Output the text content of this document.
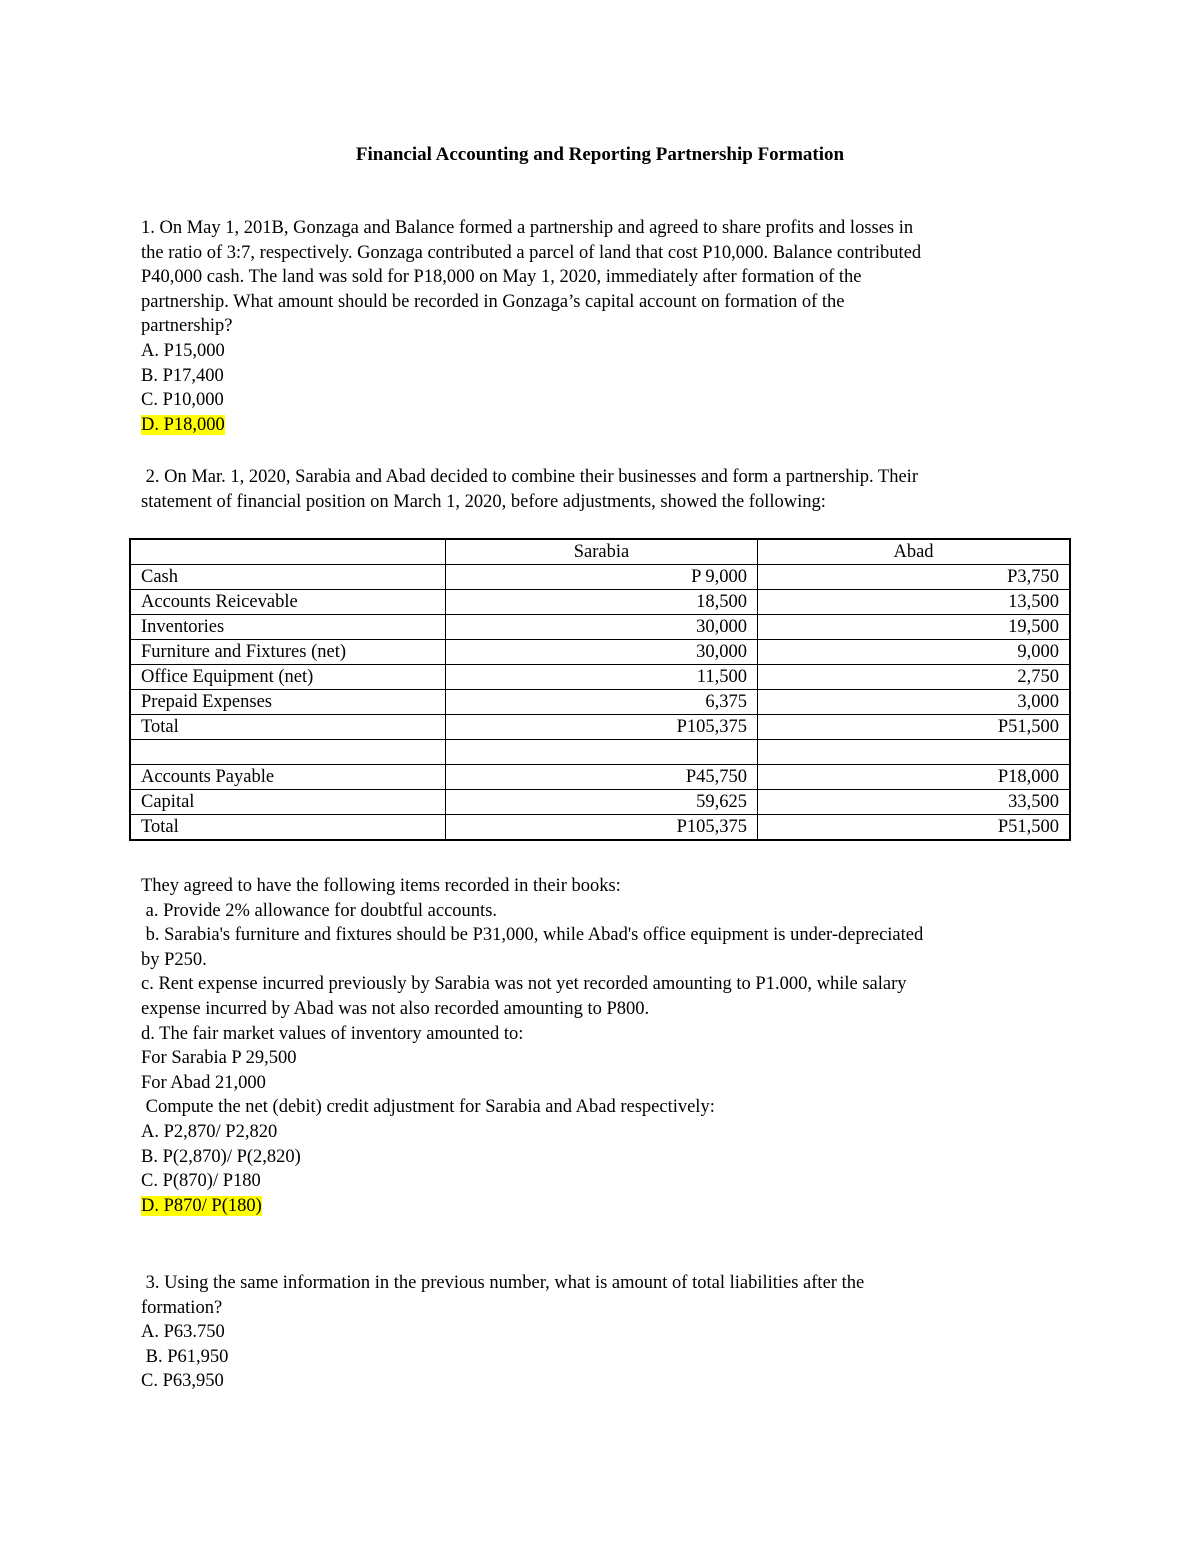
Financial Accounting and Reporting Partnership Formation
1. On May 1, 201B, Gonzaga and Balance formed a partnership and agreed to share profits and losses in
the ratio of 3:7, respectively. Gonzaga contributed a parcel of land that cost P10,000. Balance contributed
P40,000 cash. The land was sold for P18,000 on May 1, 2020, immediately after formation of the
partnership. What amount should be recorded in Gonzaga’s capital account on formation of the
partnership?
A. P15,000
B. P17,400
C. P10,000
D. P18,000
2. On Mar. 1, 2020, Sarabia and Abad decided to combine their businesses and form a partnership. Their
statement of financial position on March 1, 2020, before adjustments, showed the following:
	Sarabia	Abad
Cash	P 9,000	P3,750
Accounts Reicevable	18,500	13,500
Inventories	30,000	19,500
Furniture and Fixtures (net)	30,000	9,000
Office Equipment (net)	11,500	2,750
Prepaid Expenses	6,375	3,000
Total	P105,375	P51,500

Accounts Payable	P45,750	P18,000
Capital	59,625	33,500
Total	P105,375	P51,500
They agreed to have the following items recorded in their books:
a. Provide 2% allowance for doubtful accounts.
b. Sarabia's furniture and fixtures should be P31,000, while Abad's office equipment is under-depreciated
by P250.
c. Rent expense incurred previously by Sarabia was not yet recorded amounting to P1.000, while salary
expense incurred by Abad was not also recorded amounting to P800.
d. The fair market values of inventory amounted to:
For Sarabia P 29,500
For Abad 21,000
Compute the net (debit) credit adjustment for Sarabia and Abad respectively:
A. P2,870/ P2,820
B. P(2,870)/ P(2,820)
C. P(870)/ P180
D. P870/ P(180)
3. Using the same information in the previous number, what is amount of total liabilities after the
formation?
A. P63.750
B. P61,950
C. P63,950
